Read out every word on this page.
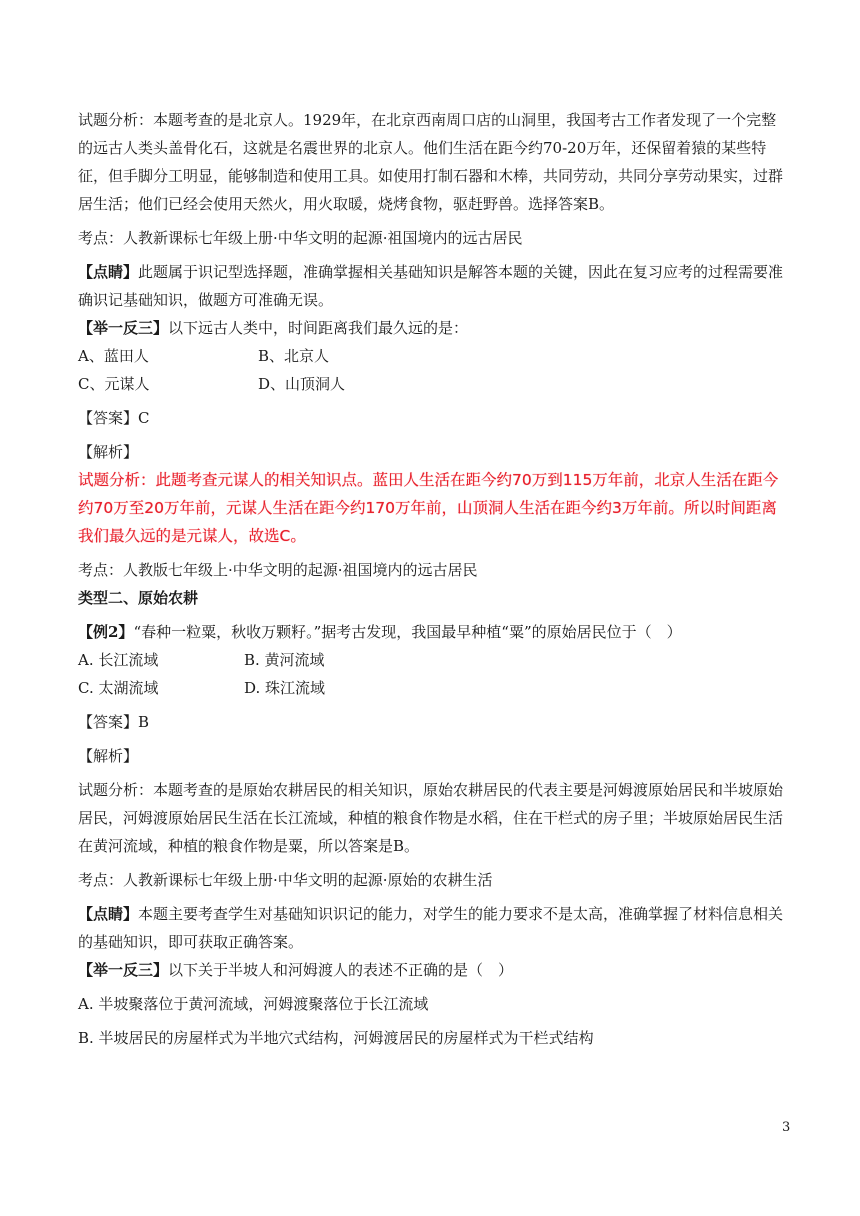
试题分析：本题考查的是北京人。1929年，在北京西南周口店的山洞里，我国考古工作者发现了一个完整的远古人类头盖骨化石，这就是名震世界的北京人。他们生活在距今约70-20万年，还保留着猿的某些特征，但手脚分工明显，能够制造和使用工具。如使用打制石器和木棒，共同劳动，共同分享劳动果实，过群居生活；他们已经会使用天然火，用火取暖，烧烤食物，驱赶野兽。选择答案B。

考点：人教新课标七年级上册·中华文明的起源·祖国境内的远古居民

【点睛】此题属于识记型选择题，准确掌握相关基础知识是解答本题的关键，因此在复习应考的过程需要准确识记基础知识，做题方可准确无误。

【举一反三】以下远古人类中，时间距离我们最久远的是：

A、蓝田人	B、北京人

C、元谋人	D、山顶洞人

【答案】C

【解析】

试题分析：此题考查元谋人的相关知识点。蓝田人生活在距今约70万到115万年前，北京人生活在距今约70万至20万年前，元谋人生活在距今约170万年前，山顶洞人生活在距今约3万年前。所以时间距离我们最久远的是元谋人，故选C。

考点：人教版七年级上·中华文明的起源·祖国境内的远古居民

类型二、原始农耕

【例2】“春种一粒粟，秋收万颗籽。”据考古发现，我国最早种植“粟”的原始居民位于（　）

A. 长江流域	B. 黄河流域

C. 太湖流域	D. 珠江流域

【答案】B

【解析】

试题分析：本题考查的是原始农耕居民的相关知识，原始农耕居民的代表主要是河姆渡原始居民和半坡原始居民，河姆渡原始居民生活在长江流域，种植的粮食作物是水稻，住在干栏式的房子里；半坡原始居民生活在黄河流域，种植的粮食作物是粟，所以答案是B。

考点：人教新课标七年级上册·中华文明的起源·原始的农耕生活

【点睛】本题主要考查学生对基础知识识记的能力，对学生的能力要求不是太高，准确掌握了材料信息相关的基础知识，即可获取正确答案。

【举一反三】以下关于半坡人和河姆渡人的表述不正确的是（　）

A. 半坡聚落位于黄河流域，河姆渡聚落位于长江流域

B. 半坡居民的房屋样式为半地穴式结构，河姆渡居民的房屋样式为干栏式结构

3
